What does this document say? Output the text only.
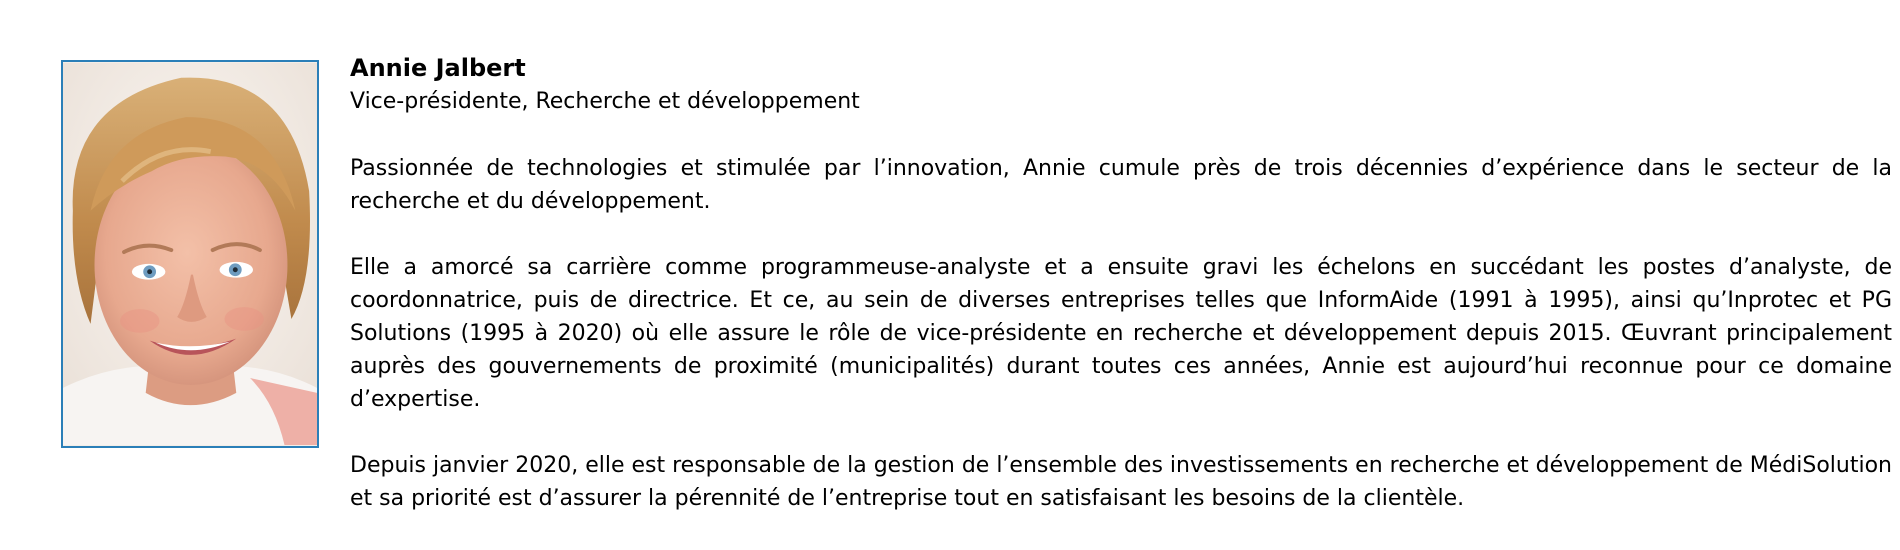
Annie Jalbert

Vice-présidente, Recherche et développement

Passionnée de technologies et stimulée par l’innovation, Annie cumule près de trois décennies d’expérience dans le secteur de la recherche et du développement.

Elle a amorcé sa carrière comme programmeuse-analyste et a ensuite gravi les échelons en succédant les postes d’analyste, de coordonnatrice, puis de directrice. Et ce, au sein de diverses entreprises telles que InformAide (1991 à 1995), ainsi qu’Inprotec et PG Solutions (1995 à 2020) où elle assure le rôle de vice-présidente en recherche et développement depuis 2015. Œuvrant principalement auprès des gouvernements de proximité (municipalités) durant toutes ces années, Annie est aujourd’hui reconnue pour ce domaine d’expertise.

Depuis janvier 2020, elle est responsable de la gestion de l’ensemble des investissements en recherche et développement de MédiSolution et sa priorité est d’assurer la pérennité de l’entreprise tout en satisfaisant les besoins de la clientèle.
